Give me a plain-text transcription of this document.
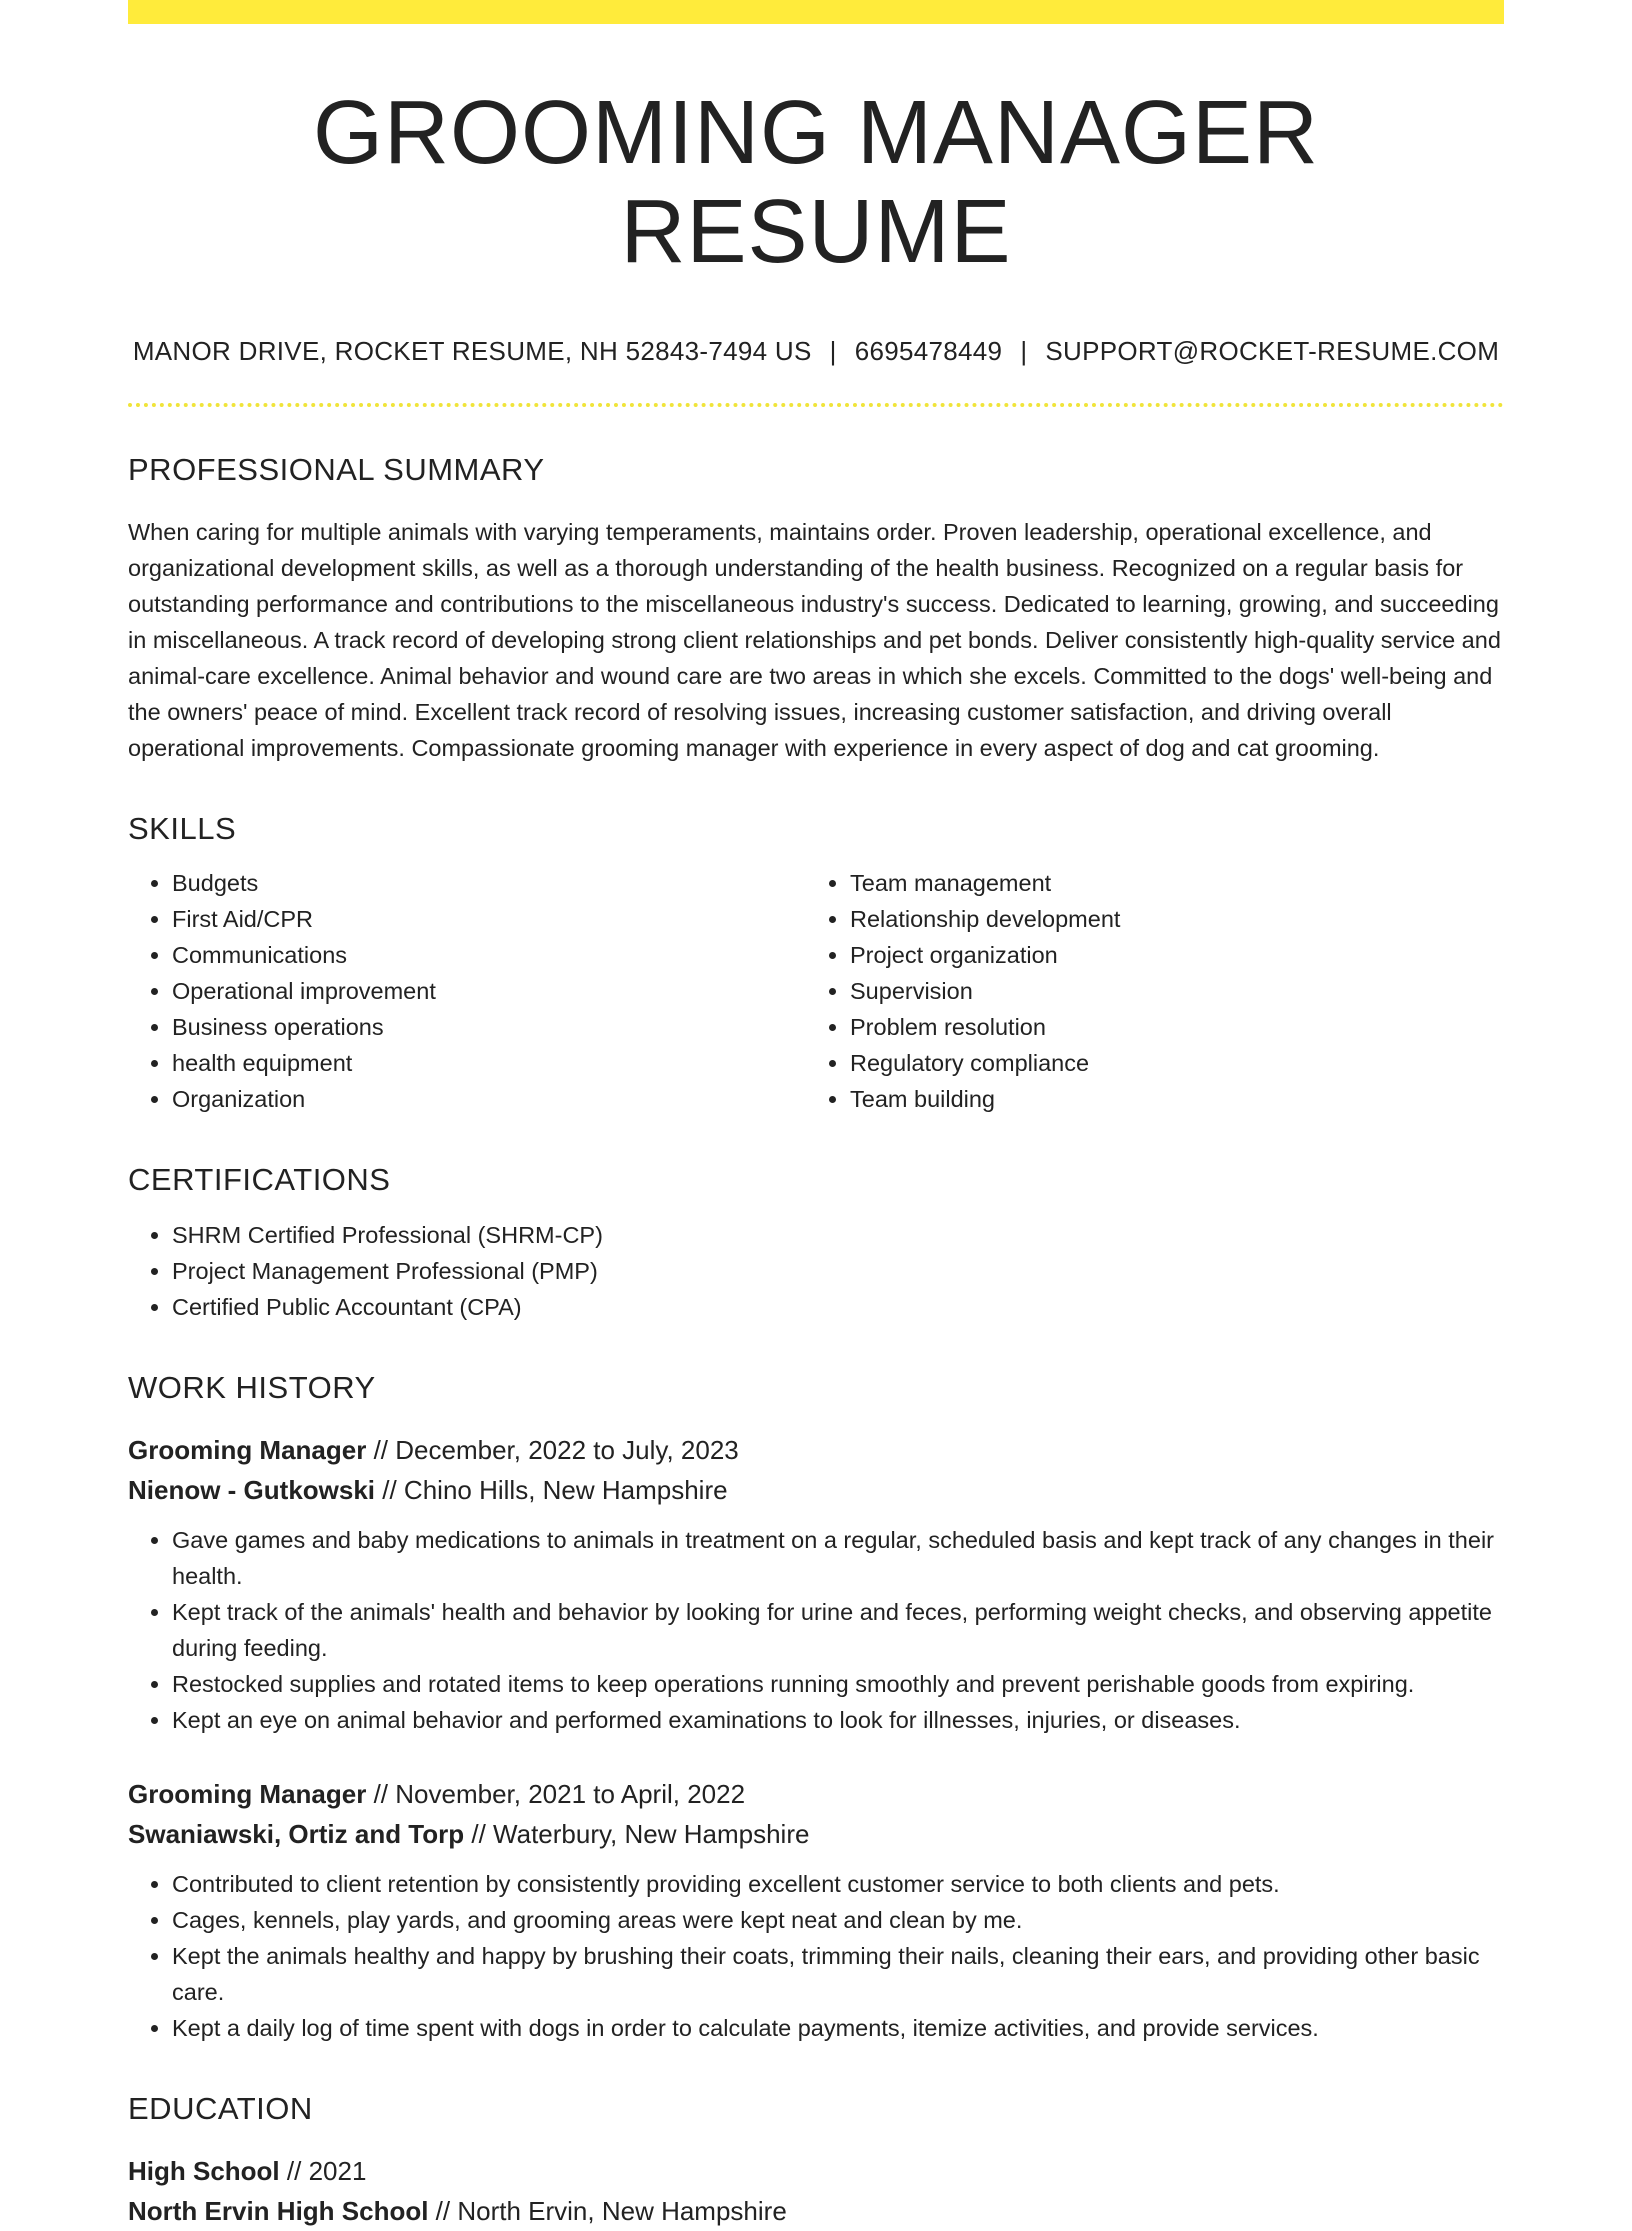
GROOMING MANAGER RESUME
MANOR DRIVE, ROCKET RESUME, NH 52843-7494 US | 6695478449 | SUPPORT@ROCKET-RESUME.COM
PROFESSIONAL SUMMARY
When caring for multiple animals with varying temperaments, maintains order. Proven leadership, operational excellence, and organizational development skills, as well as a thorough understanding of the health business. Recognized on a regular basis for outstanding performance and contributions to the miscellaneous industry's success. Dedicated to learning, growing, and succeeding in miscellaneous. A track record of developing strong client relationships and pet bonds. Deliver consistently high-quality service and animal-care excellence. Animal behavior and wound care are two areas in which she excels. Committed to the dogs' well-being and the owners' peace of mind. Excellent track record of resolving issues, increasing customer satisfaction, and driving overall operational improvements. Compassionate grooming manager with experience in every aspect of dog and cat grooming.
SKILLS
• Budgets
• First Aid/CPR
• Communications
• Operational improvement
• Business operations
• health equipment
• Organization
• Team management
• Relationship development
• Project organization
• Supervision
• Problem resolution
• Regulatory compliance
• Team building
CERTIFICATIONS
• SHRM Certified Professional (SHRM-CP)
• Project Management Professional (PMP)
• Certified Public Accountant (CPA)
WORK HISTORY
Grooming Manager // December, 2022 to July, 2023
Nienow - Gutkowski // Chino Hills, New Hampshire
• Gave games and baby medications to animals in treatment on a regular, scheduled basis and kept track of any changes in their health.
• Kept track of the animals' health and behavior by looking for urine and feces, performing weight checks, and observing appetite during feeding.
• Restocked supplies and rotated items to keep operations running smoothly and prevent perishable goods from expiring.
• Kept an eye on animal behavior and performed examinations to look for illnesses, injuries, or diseases.
Grooming Manager // November, 2021 to April, 2022
Swaniawski, Ortiz and Torp // Waterbury, New Hampshire
• Contributed to client retention by consistently providing excellent customer service to both clients and pets.
• Cages, kennels, play yards, and grooming areas were kept neat and clean by me.
• Kept the animals healthy and happy by brushing their coats, trimming their nails, cleaning their ears, and providing other basic care.
• Kept a daily log of time spent with dogs in order to calculate payments, itemize activities, and provide services.
EDUCATION
High School // 2021
North Ervin High School // North Ervin, New Hampshire
